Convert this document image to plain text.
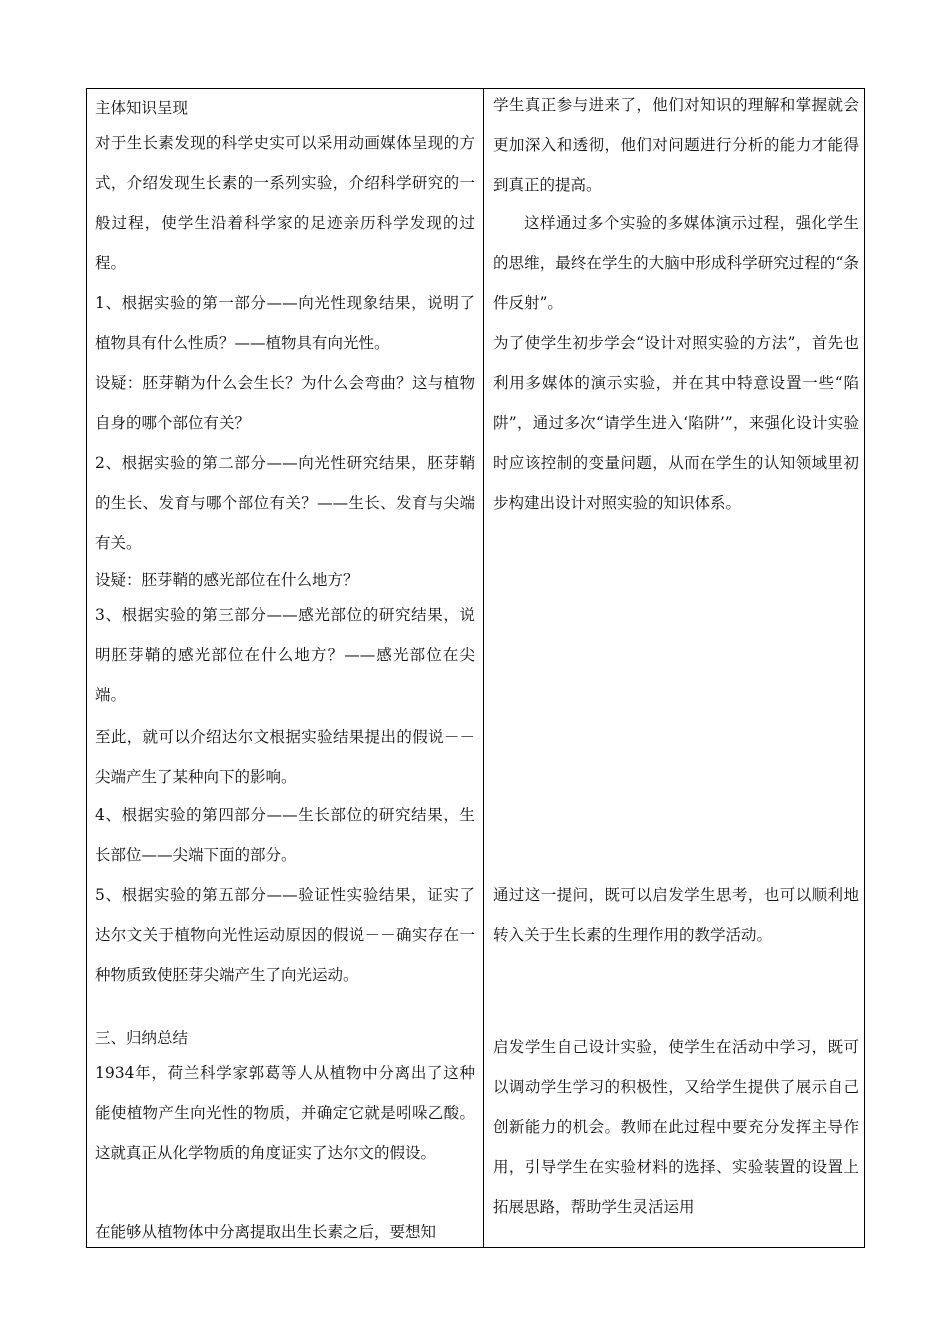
主体知识呈现
对于生长素发现的科学史实可以采用动画媒体呈现的方式，介绍发现生长素的一系列实验，介绍科学研究的一般过程，使学生沿着科学家的足迹亲历科学发现的过程。
1、根据实验的第一部分——向光性现象结果，说明了植物具有什么性质？——植物具有向光性。
设疑：胚芽鞘为什么会生长？为什么会弯曲？这与植物自身的哪个部位有关？
2、根据实验的第二部分——向光性研究结果，胚芽鞘的生长、发育与哪个部位有关？——生长、发育与尖端有关。
设疑：胚芽鞘的感光部位在什么地方？
3、根据实验的第三部分——感光部位的研究结果，说明胚芽鞘的感光部位在什么地方？——感光部位在尖端。
至此，就可以介绍达尔文根据实验结果提出的假说－－尖端产生了某种向下的影响。
4、根据实验的第四部分——生长部位的研究结果，生长部位——尖端下面的部分。
5、根据实验的第五部分——验证性实验结果，证实了达尔文关于植物向光性运动原因的假说－－确实存在一种物质致使胚芽尖端产生了向光运动。
三、归纳总结
1934年，荷兰科学家郭葛等人从植物中分离出了这种能使植物产生向光性的物质，并确定它就是吲哚乙酸。这就真正从化学物质的角度证实了达尔文的假设。
在能够从植物体中分离提取出生长素之后，要想知
学生真正参与进来了，他们对知识的理解和掌握就会更加深入和透彻，他们对问题进行分析的能力才能得到真正的提高。
这样通过多个实验的多媒体演示过程，强化学生的思维，最终在学生的大脑中形成科学研究过程的“条件反射”。
为了使学生初步学会“设计对照实验的方法”，首先也利用多媒体的演示实验，并在其中特意设置一些“陷阱”，通过多次“请学生进入‘陷阱’”，来强化设计实验时应该控制的变量问题，从而在学生的认知领域里初步构建出设计对照实验的知识体系。
通过这一提问，既可以启发学生思考，也可以顺利地转入关于生长素的生理作用的教学活动。
启发学生自己设计实验，使学生在活动中学习，既可以调动学生学习的积极性，又给学生提供了展示自己创新能力的机会。教师在此过程中要充分发挥主导作用，引导学生在实验材料的选择、实验装置的设置上拓展思路，帮助学生灵活运用
